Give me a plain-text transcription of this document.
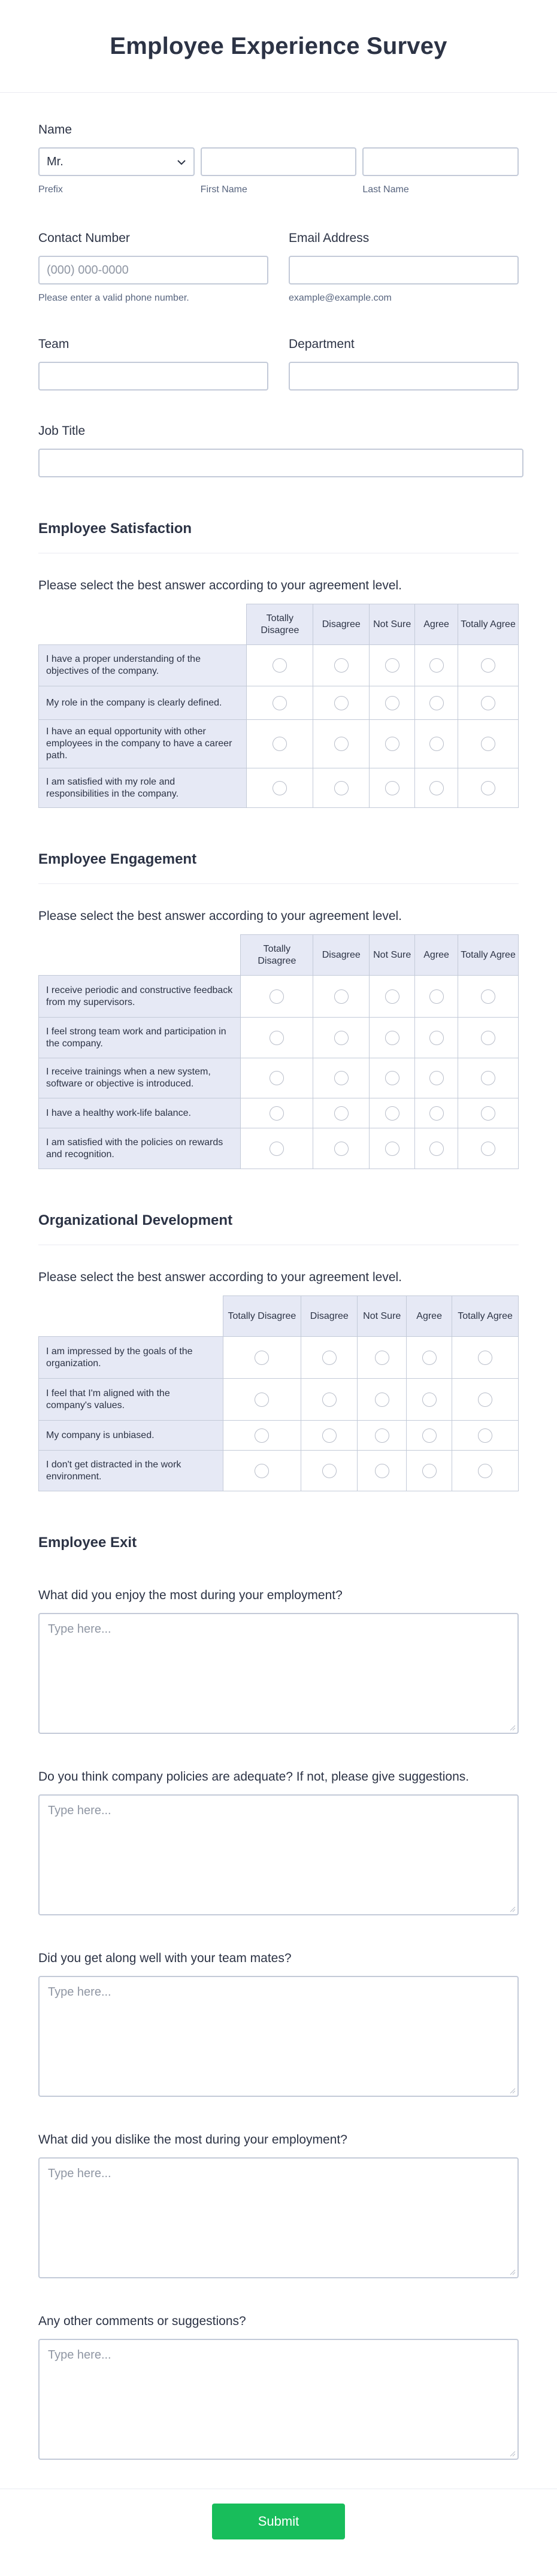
Employee Experience Survey
Name
Mr.
Prefix	First Name	Last Name
Contact Number
(000) 000-0000
Please enter a valid phone number.
Email Address
example@example.com
Team	Department
Job Title
Employee Satisfaction
Please select the best answer according to your agreement level.
	Totally Disagree	Disagree	Not Sure	Agree	Totally Agree
I have a proper understanding of the objectives of the company.					
My role in the company is clearly defined.					
I have an equal opportunity with other employees in the company to have a career path.					
I am satisfied with my role and responsibilities in the company.					
Employee Engagement
Please select the best answer according to your agreement level.
	Totally Disagree	Disagree	Not Sure	Agree	Totally Agree
I receive periodic and constructive feedback from my supervisors.					
I feel strong team work and participation in the company.					
I receive trainings when a new system, software or objective is introduced.					
I have a healthy work-life balance.					
I am satisfied with the policies on rewards and recognition.					
Organizational Development
Please select the best answer according to your agreement level.
	Totally Disagree	Disagree	Not Sure	Agree	Totally Agree
I am impressed by the goals of the organization.					
I feel that I'm aligned with the company's values.					
My company is unbiased.					
I don't get distracted in the work environment.					
Employee Exit
What did you enjoy the most during your employment?
Type here...
Do you think company policies are adequate? If not, please give suggestions.
Type here...
Did you get along well with your team mates?
Type here...
What did you dislike the most during your employment?
Type here...
Any other comments or suggestions?
Type here...
Submit
